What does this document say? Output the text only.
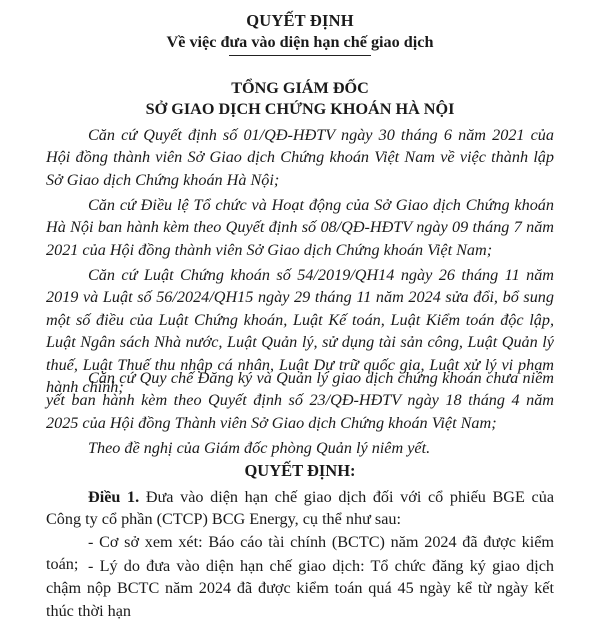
QUYẾT ĐỊNH
Về việc đưa vào diện hạn chế giao dịch
TỔNG GIÁM ĐỐC
SỞ GIAO DỊCH CHỨNG KHOÁN HÀ NỘI
Căn cứ Quyết định số 01/QĐ-HĐTV ngày 30 tháng 6 năm 2021 của Hội đồng thành viên Sở Giao dịch Chứng khoán Việt Nam về việc thành lập Sở Giao dịch Chứng khoán Hà Nội;
Căn cứ Điều lệ Tổ chức và Hoạt động của Sở Giao dịch Chứng khoán Hà Nội ban hành kèm theo Quyết định số 08/QĐ-HĐTV ngày 09 tháng 7 năm 2021 của Hội đồng thành viên Sở Giao dịch Chứng khoán Việt Nam;
Căn cứ Luật Chứng khoán số 54/2019/QH14 ngày 26 tháng 11 năm 2019 và Luật số 56/2024/QH15 ngày 29 tháng 11 năm 2024 sửa đổi, bổ sung một số điều của Luật Chứng khoán, Luật Kế toán, Luật Kiểm toán độc lập, Luật Ngân sách Nhà nước, Luật Quản lý, sử dụng tài sản công, Luật Quản lý thuế, Luật Thuế thu nhập cá nhân, Luật Dự trữ quốc gia, Luật xử lý vi phạm hành chính;
Căn cứ Quy chế Đăng ký và Quản lý giao dịch chứng khoán chưa niêm yết ban hành kèm theo Quyết định số 23/QĐ-HĐTV ngày 18 tháng 4 năm 2025 của Hội đồng Thành viên Sở Giao dịch Chứng khoán Việt Nam;
Theo đề nghị của Giám đốc phòng Quản lý niêm yết.
QUYẾT ĐỊNH:
Điều 1. Đưa vào diện hạn chế giao dịch đối với cổ phiếu BGE của Công ty cổ phần (CTCP) BCG Energy, cụ thể như sau:
- Cơ sở xem xét: Báo cáo tài chính (BCTC) năm 2024 đã được kiểm toán; - Lý do đưa vào diện hạn chế giao dịch: Tổ chức đăng ký giao dịch chậm nộp BCTC năm 2024 đã được kiểm toán quá 45 ngày kể từ ngày kết thúc thời hạn
